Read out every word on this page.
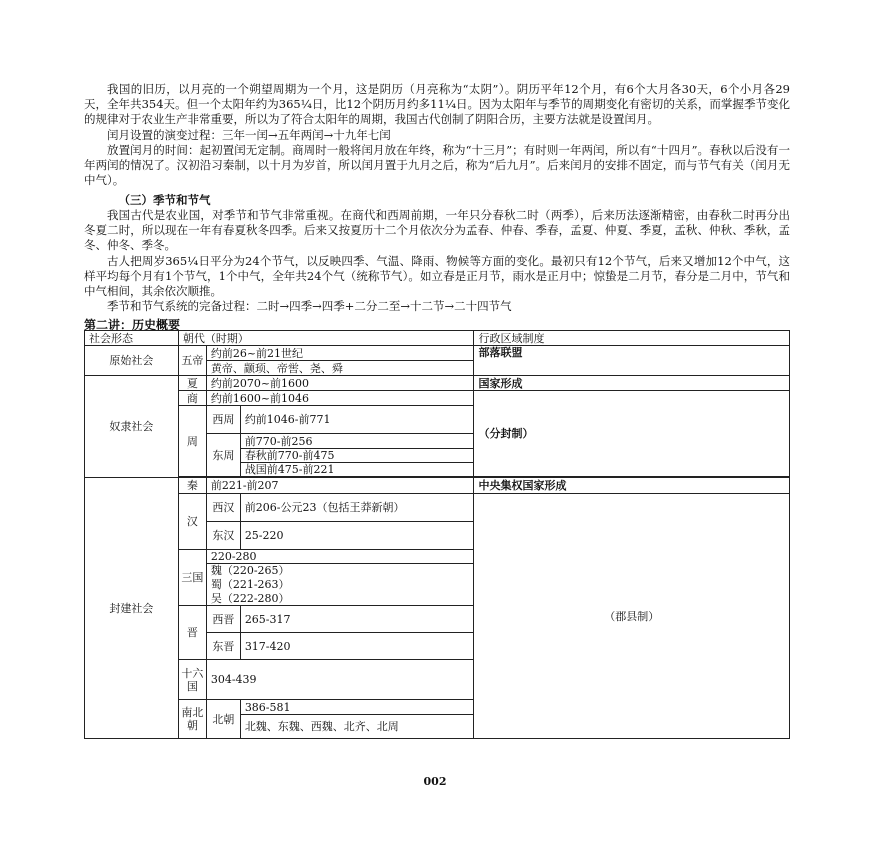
我国的旧历，以月亮的一个朔望周期为一个月，这是阴历（月亮称为“太阴”）。阴历平年12个月，有6个大月各30天，6个小月各29天，全年共354天。但一个太阳年约为365¼日，比12个阴历月约多11¼日。因为太阳年与季节的周期变化有密切的关系，而掌握季节变化的规律对于农业生产非常重要，所以为了符合太阳年的周期，我国古代创制了阴阳合历，主要方法就是设置闰月。

闰月设置的演变过程：三年一闰→五年两闰→十九年七闰

放置闰月的时间：起初置闰无定制。商周时一般将闰月放在年终，称为“十三月”；有时则一年两闰，所以有“十四月”。春秋以后没有一年两闰的情况了。汉初沿习秦制，以十月为岁首，所以闰月置于九月之后，称为“后九月”。后来闰月的安排不固定，而与节气有关（闰月无中气）。

（三）季节和节气

我国古代是农业国，对季节和节气非常重视。在商代和西周前期，一年只分春秋二时（两季），后来历法逐渐精密，由春秋二时再分出冬夏二时，所以现在一年有春夏秋冬四季。后来又按夏历十二个月依次分为孟春、仲春、季春，孟夏、仲夏、季夏，孟秋、仲秋、季秋，孟冬、仲冬、季冬。

古人把周岁365¼日平分为24个节气，以反映四季、气温、降雨、物候等方面的变化。最初只有12个节气，后来又增加12个中气，这样平均每个月有1个节气，1个中气，全年共24个气（统称节气）。如立春是正月节，雨水是正月中；惊蛰是二月节，春分是二月中，节气和中气相间，其余依次顺推。

季节和节气系统的完备过程：二时→四季→四季+二分二至→十二节→二十四节气

第二讲：历史概要
社会形态	朝代（时期）			行政区域制度
原始社会	五帝	约前26~前21世纪		部落联盟
		黄帝、颛顼、帝喾、尧、舜		
奴隶社会	夏	约前2070~前1600		国家形成
	商	约前1600~前1046		（分封制）
	周	西周	约前1046-前771	
		东周	前770-前256	
			春秋前770-前475	
			战国前475-前221	

封建社会	秦	前221-前207		中央集权国家形成
	汉	西汉	前206-公元23（包括王莽新朝）	（郡县制）
		东汉	25-220	
	三国	220-280		
		魏（220-265）		
		蜀（221-263）		
		吴（222-280）		
	晋	西晋	265-317	
		东晋	317-420	
	十六国	304-439		
	南北朝	北朝	386-581	
			北魏、东魏、西魏、北齐、北周	

002
